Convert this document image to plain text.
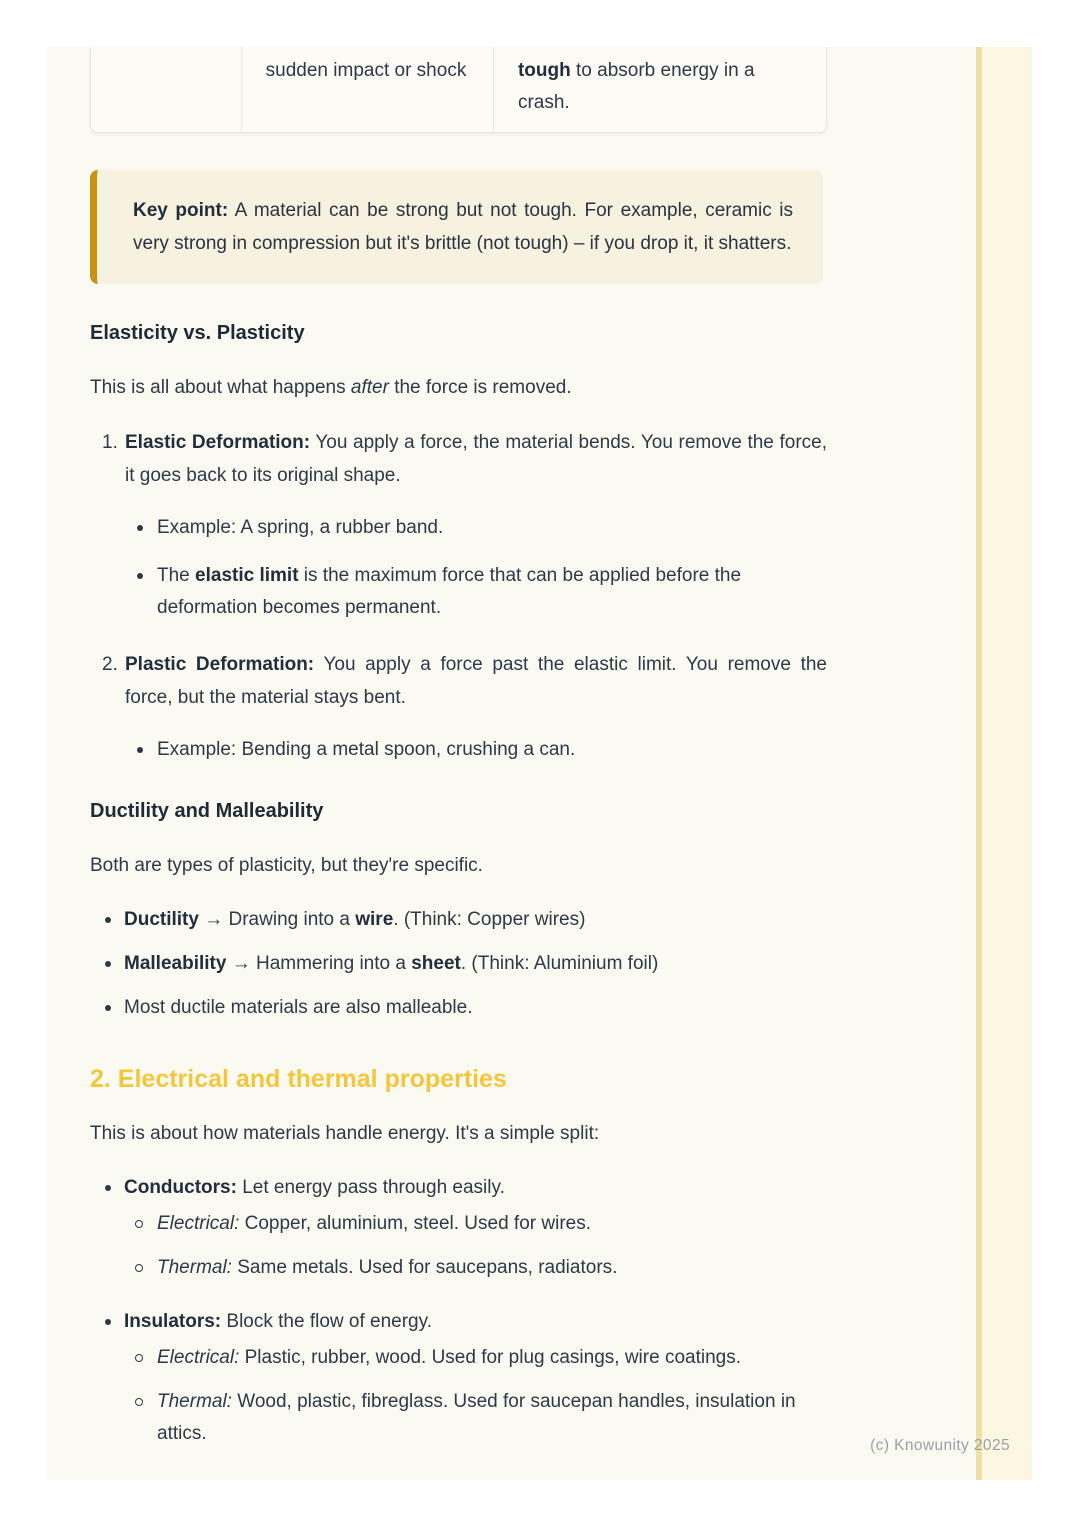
sudden impact or shock	tough to absorb energy in a crash.
Key point: A material can be strong but not tough. For example, ceramic is very strong in compression but it's brittle (not tough) – if you drop it, it shatters.
Elasticity vs. Plasticity

This is all about what happens after the force is removed.

1. Elastic Deformation: You apply a force, the material bends. You remove the force, it goes back to its original shape.
Example: A spring, a rubber band.
The elastic limit is the maximum force that can be applied before the deformation becomes permanent.
2. Plastic Deformation: You apply a force past the elastic limit. You remove the force, but the material stays bent.
Example: Bending a metal spoon, crushing a can.
Ductility and Malleability

Both are types of plasticity, but they're specific.

Ductility → Drawing into a wire. (Think: Copper wires)
Malleability → Hammering into a sheet. (Think: Aluminium foil)
Most ductile materials are also malleable.
2. Electrical and thermal properties

This is about how materials handle energy. It's a simple split:

Conductors: Let energy pass through easily.
Electrical: Copper, aluminium, steel. Used for wires.
Thermal: Same metals. Used for saucepans, radiators.
Insulators: Block the flow of energy.
Electrical: Plastic, rubber, wood. Used for plug casings, wire coatings.
Thermal: Wood, plastic, fibreglass. Used for saucepan handles, insulation in attics.
(c) Knowunity 2025
